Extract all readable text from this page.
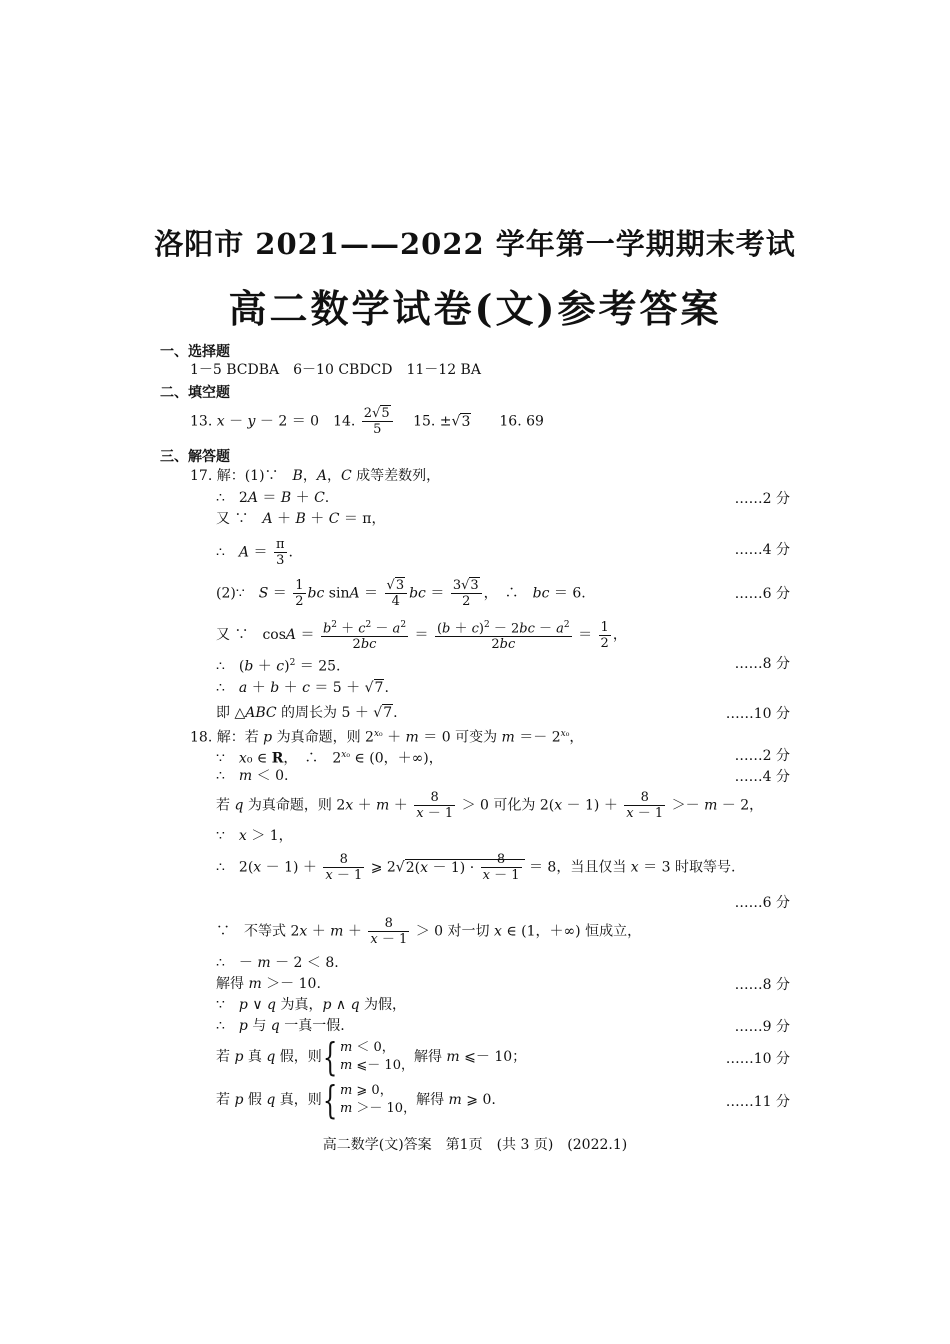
洛阳市 2021——2022 学年第一学期期末考试
高二数学试卷(文)参考答案
一、选择题
1－5 BCDBA　6－10 CBDCD　11－12 BA
二、填空题
13. x － y － 2 ＝ 0　14. $\frac{2√5}{5}$ 　15. ±√3　　16. 69
三、解答题
17. 解：(1)∵　B，A，C 成等差数列，
∴　2A ＝ B ＋ C.	……2 分
又 ∵　A ＋ B ＋ C ＝ π，
∴　$A = \frac{\pi}{3}$ .	……4 分
(2)∵　$S = \frac{1}{2}$ bc $\sin A = \frac{√3}{4}$ bc ＝ $\frac{3√3}{2}$ ，　∴　bc ＝ 6.	……6 分
又 ∵　$\cos A = \frac{b^2 + c^2 - a^2}{2bc} = \frac{(b + c)^2 - 2bc - a^2}{2bc} = \frac{1}{2}$ ，
∴　$(b + c)^2 = 25$.	……8 分
∴　a ＋ b ＋ c ＝ 5 ＋ √7.
即 △ABC 的周长为 5 ＋ √7.	……10 分
18. 解：若 p 为真命题，则 $2^{x_0} + m = 0$ 可变为 $m =- 2^{x_0}$，
∵　x₀ ∈ R，　∴　$2^{x_0}$ ∈ (0，＋∞)，	……2 分
∴　m ＜ 0.	……4 分
若 q 为真命题，则 $2x + m + \frac{8}{x - 1} > 0$ 可化为 $2(x - 1) + \frac{8}{x - 1} >- m - 2$，
∵　x ＞ 1，
∴　$2(x - 1) + \frac{8}{x - 1}$ ⩾ $2√2(x - 1) \cdot \frac{8}{x - 1} = 8$，当且仅当 x ＝ 3 时取等号.
……6 分
∵　不等式 $2x + m + \frac{8}{x - 1} > 0$ 对一切 x ∈ (1，＋∞) 恒成立，
∴　－ m － 2 ＜ 8.
解得 m ＞－ 10.	……8 分
∵　p ∨ q 为真，p ∧ q 为假，
∴　p 与 q 一真一假.	……9 分
若 p 真 q 假，则{ m ＜ 0，
m ⩽－ 10，解得 m ⩽－ 10；	……10 分
若 p 假 q 真，则{ m ⩾ 0，
m ＞－ 10，解得 m ⩾ 0.	……11 分
高二数学(文)答案　第1页　(共 3 页)　(2022.1)
